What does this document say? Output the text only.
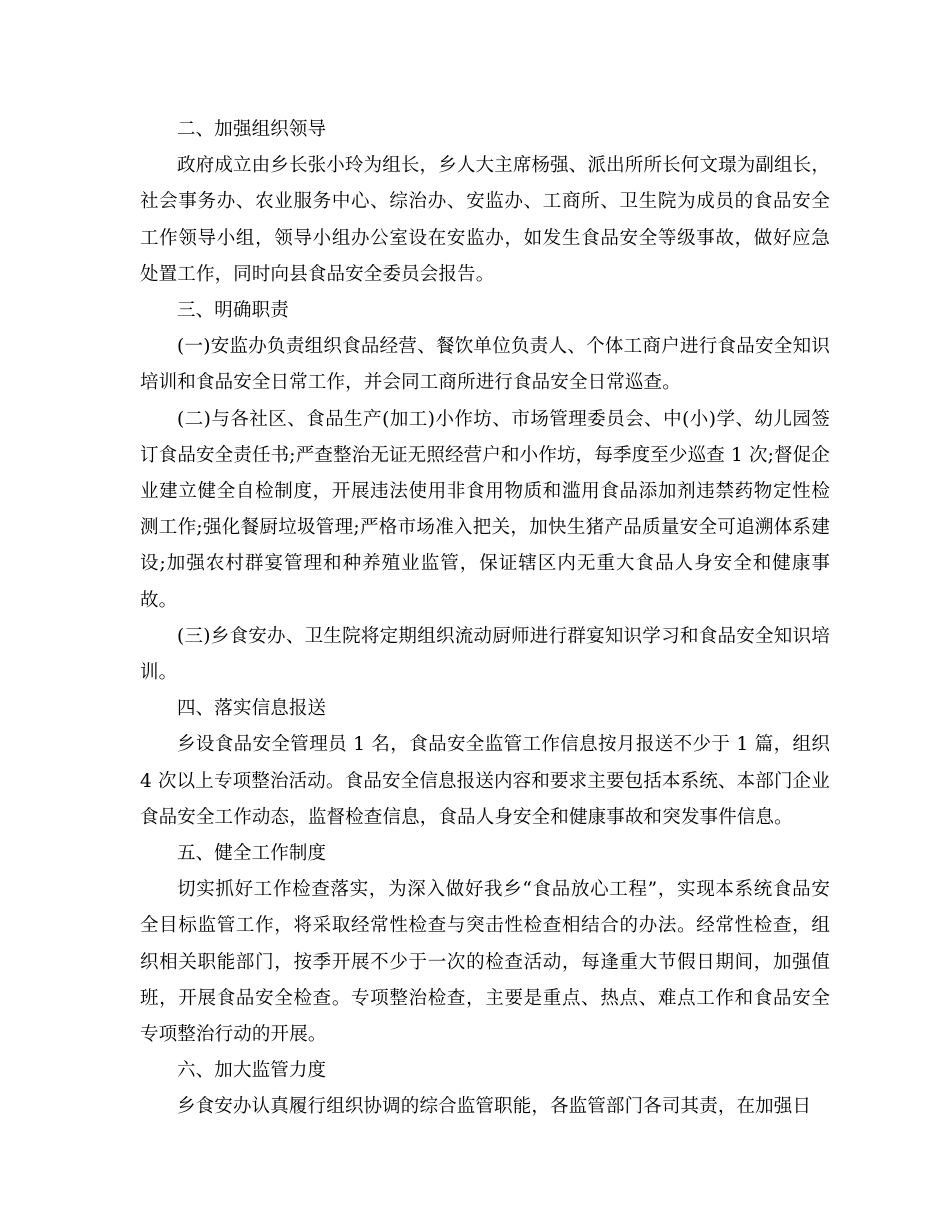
二、加强组织领导

政府成立由乡长张小玲为组长，乡人大主席杨强、派出所所长何文璟为副组长，社会事务办、农业服务中心、综治办、安监办、工商所、卫生院为成员的食品安全工作领导小组，领导小组办公室设在安监办，如发生食品安全等级事故，做好应急处置工作，同时向县食品安全委员会报告。

三、明确职责

(一)安监办负责组织食品经营、餐饮单位负责人、个体工商户进行食品安全知识培训和食品安全日常工作，并会同工商所进行食品安全日常巡查。

(二)与各社区、食品生产(加工)小作坊、市场管理委员会、中(小)学、幼儿园签订食品安全责任书;严查整治无证无照经营户和小作坊，每季度至少巡查 1 次;督促企业建立健全自检制度，开展违法使用非食用物质和滥用食品添加剂违禁药物定性检测工作;强化餐厨垃圾管理;严格市场准入把关，加快生猪产品质量安全可追溯体系建设;加强农村群宴管理和种养殖业监管，保证辖区内无重大食品人身安全和健康事故。

(三)乡食安办、卫生院将定期组织流动厨师进行群宴知识学习和食品安全知识培训。

四、落实信息报送

乡设食品安全管理员 1 名，食品安全监管工作信息按月报送不少于 1 篇，组织 4 次以上专项整治活动。食品安全信息报送内容和要求主要包括本系统、本部门企业食品安全工作动态，监督检查信息，食品人身安全和健康事故和突发事件信息。

五、健全工作制度

切实抓好工作检查落实，为深入做好我乡“食品放心工程”，实现本系统食品安全目标监管工作，将采取经常性检查与突击性检查相结合的办法。经常性检查，组织相关职能部门，按季开展不少于一次的检查活动，每逢重大节假日期间，加强值班，开展食品安全检查。专项整治检查，主要是重点、热点、难点工作和食品安全专项整治行动的开展。

六、加大监管力度

乡食安办认真履行组织协调的综合监管职能，各监管部门各司其责，在加强日
